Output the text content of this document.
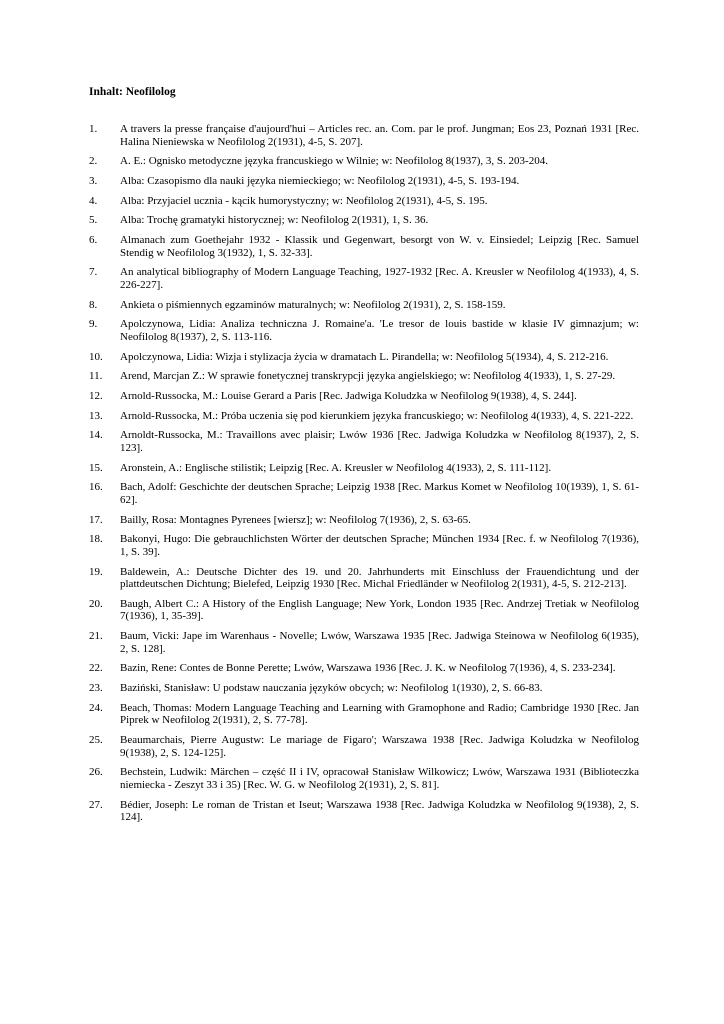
Inhalt: Neofilolog
1.	A travers la presse française d'aujourd'hui – Articles rec. an. Com. par le prof. Jungman; Eos 23, Poznań 1931 [Rec. Halina Nieniewska w Neofilolog 2(1931), 4-5, S. 207].
2.	A. E.: Ognisko metodyczne języka francuskiego w Wilnie; w: Neofilolog 8(1937), 3, S. 203-204.
3.	Alba: Czasopismo dla nauki języka niemieckiego; w: Neofilolog 2(1931), 4-5, S. 193-194.
4.	Alba: Przyjaciel ucznia - kącik humorystyczny; w: Neofilolog 2(1931), 4-5, S. 195.
5.	Alba: Trochę gramatyki historycznej; w: Neofilolog 2(1931), 1, S. 36.
6.	Almanach zum Goethejahr 1932 - Klassik und Gegenwart, besorgt von W. v. Einsiedel; Leipzig [Rec. Samuel Stendig w Neofilolog 3(1932), 1, S. 32-33].
7.	An analytical bibliography of Modern Language Teaching, 1927-1932 [Rec. A. Kreusler w Neofilolog 4(1933), 4, S. 226-227].
8.	Ankieta o piśmiennych egzaminów maturalnych; w: Neofilolog 2(1931), 2, S. 158-159.
9.	Apolczynowa, Lidia: Analiza techniczna J. Romaine'a. 'Le tresor de louis bastide w klasie IV gimnazjum; w: Neofilolog 8(1937), 2, S. 113-116.
10.	Apolczynowa, Lidia: Wizja i stylizacja życia w dramatach L. Pirandella; w: Neofilolog 5(1934), 4, S. 212-216.
11.	Arend, Marcjan Z.: W sprawie fonetycznej transkrypcji języka angielskiego; w: Neofilolog 4(1933), 1, S. 27-29.
12.	Arnold-Russocka, M.: Louise Gerard a Paris [Rec. Jadwiga Koludzka w Neofilolog 9(1938), 4, S. 244].
13.	Arnold-Russocka, M.: Próba uczenia się pod kierunkiem języka francuskiego; w: Neofilolog 4(1933), 4, S. 221-222.
14.	Arnoldt-Russocka, M.: Travaillons avec plaisir; Lwów 1936 [Rec. Jadwiga Koludzka w Neofilolog 8(1937), 2, S. 123].
15.	Aronstein, A.: Englische stilistik; Leipzig [Rec. A. Kreusler w Neofilolog 4(1933), 2, S. 111-112].
16.	Bach, Adolf: Geschichte der deutschen Sprache; Leipzig 1938 [Rec. Markus Komet w Neofilolog 10(1939), 1, S. 61-62].
17.	Bailly, Rosa: Montagnes Pyrenees [wiersz]; w: Neofilolog 7(1936), 2, S. 63-65.
18.	Bakonyi, Hugo: Die gebrauchlichsten Wörter der deutschen Sprache; München 1934 [Rec. f. w Neofilolog 7(1936), 1, S. 39].
19.	Baldewein, A.: Deutsche Dichter des 19. und 20. Jahrhunderts mit Einschluss der Frauendichtung und der plattdeutschen Dichtung; Bielefed, Leipzig 1930 [Rec. Michal Friedländer w Neofilolog 2(1931), 4-5, S. 212-213].
20.	Baugh, Albert C.: A History of the English Language; New York, London 1935 [Rec. Andrzej Tretiak w Neofilolog 7(1936), 1, 35-39].
21.	Baum, Vicki: Jape im Warenhaus - Novelle; Lwów, Warszawa 1935 [Rec. Jadwiga Steinowa w Neofilolog 6(1935), 2, S. 128].
22.	Bazin, Rene: Contes de Bonne Perette; Lwów, Warszawa 1936 [Rec. J. K. w Neofilolog 7(1936), 4, S. 233-234].
23.	Baziński, Stanisław: U podstaw nauczania języków obcych; w: Neofilolog 1(1930), 2, S. 66-83.
24.	Beach, Thomas: Modern Language Teaching and Learning with Gramophone and Radio; Cambridge 1930 [Rec. Jan Piprek w Neofilolog 2(1931), 2, S. 77-78].
25.	Beaumarchais, Pierre Augustw: Le mariage de Figaro'; Warszawa 1938 [Rec. Jadwiga Koludzka w Neofilolog 9(1938), 2, S. 124-125].
26.	Bechstein, Ludwik: Märchen – część II i IV, opracował Stanisław Wilkowicz; Lwów, Warszawa 1931 (Biblioteczka niemiecka - Zeszyt 33 i 35) [Rec. W. G. w Neofilolog 2(1931), 2, S. 81].
27.	Bédier, Joseph: Le roman de Tristan et Iseut; Warszawa 1938 [Rec. Jadwiga Koludzka w Neofilolog 9(1938), 2, S. 124].
